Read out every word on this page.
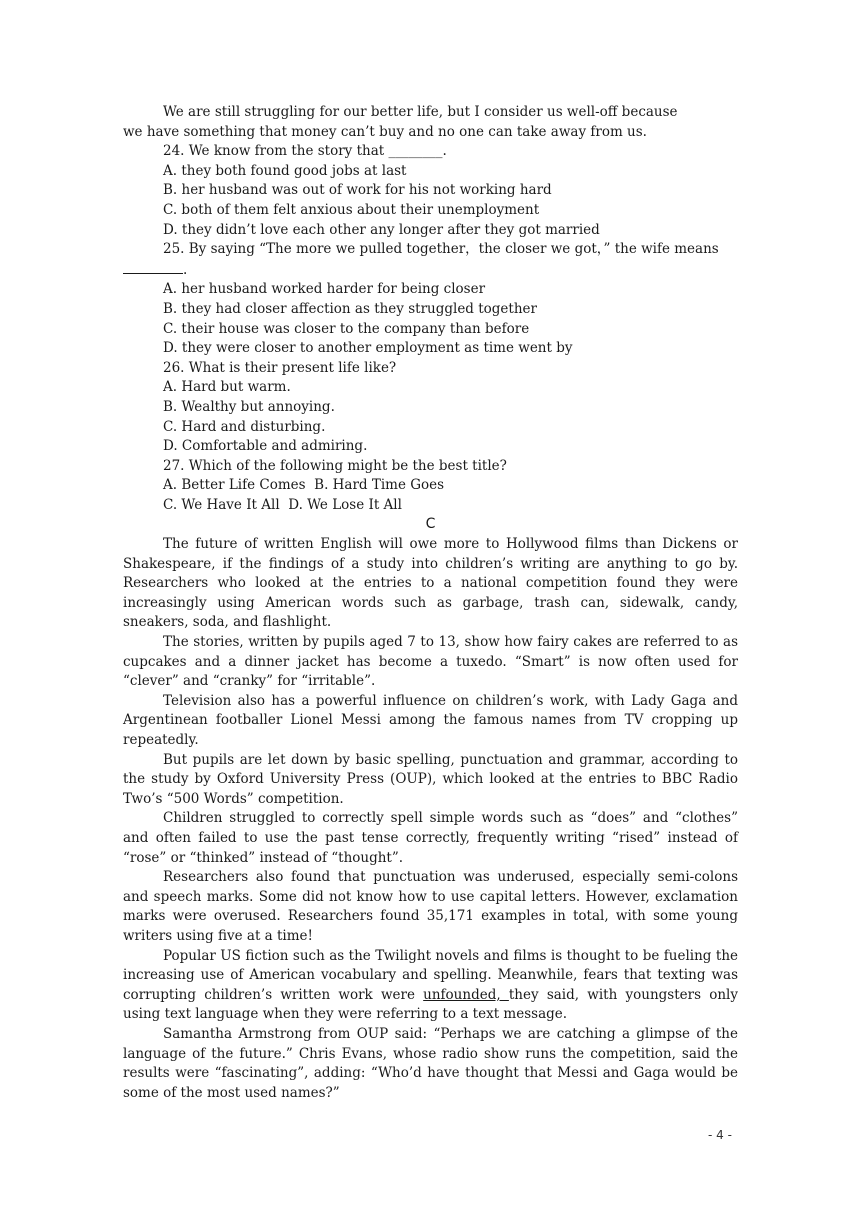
We are still struggling for our better life, but I consider us well-off because
we have something that money can’t buy and no one can take away from us.
24. We know from the story that ________.
A. they both found good jobs at last
B. her husband was out of work for his not working hard
C. both of them felt anxious about their unemployment
D. they didn’t love each other any longer after they got married
25. By saying “The more we pulled together，the closer we got，” the wife means
.
A. her husband worked harder for being closer
B. they had closer affection as they struggled together
C. their house was closer to the company than before
D. they were closer to another employment as time went by
26. What is their present life like?
A. Hard but warm.
B. Wealthy but annoying.
C. Hard and disturbing.
D. Comfortable and admiring.
27. Which of the following might be the best title?
A. Better Life Comes  B. Hard Time Goes
C. We Have It All  D. We Lose It All
C

The future of written English will owe more to Hollywood films than Dickens or Shakespeare, if the findings of a study into children’s writing are anything to go by. Researchers who looked at the entries to a national competition found they were increasingly using American words such as garbage, trash can, sidewalk, candy, sneakers, soda, and flashlight.

The stories, written by pupils aged 7 to 13, show how fairy cakes are referred to as cupcakes and a dinner jacket has become a tuxedo. “Smart” is now often used for “clever” and “cranky” for “irritable”.

Television also has a powerful influence on children’s work, with Lady Gaga and Argentinean footballer Lionel Messi among the famous names from TV cropping up repeatedly.

But pupils are let down by basic spelling, punctuation and grammar, according to the study by Oxford University Press (OUP), which looked at the entries to BBC Radio Two’s “500 Words” competition.

Children struggled to correctly spell simple words such as “does” and “clothes” and often failed to use the past tense correctly, frequently writing “rised” instead of “rose” or “thinked” instead of “thought”.

Researchers also found that punctuation was underused, especially semi-colons and speech marks. Some did not know how to use capital letters. However, exclamation marks were overused. Researchers found 35,171 examples in total, with some young writers using five at a time!

Popular US fiction such as the Twilight novels and films is thought to be fueling the increasing use of American vocabulary and spelling. Meanwhile, fears that texting was corrupting children’s written work were unfounded, they said, with youngsters only using text language when they were referring to a text message.

Samantha Armstrong from OUP said: “Perhaps we are catching a glimpse of the language of the future.” Chris Evans, whose radio show runs the competition, said the results were “fascinating”, adding: “Who’d have thought that Messi and Gaga would be some of the most used names?”

- 4 -
